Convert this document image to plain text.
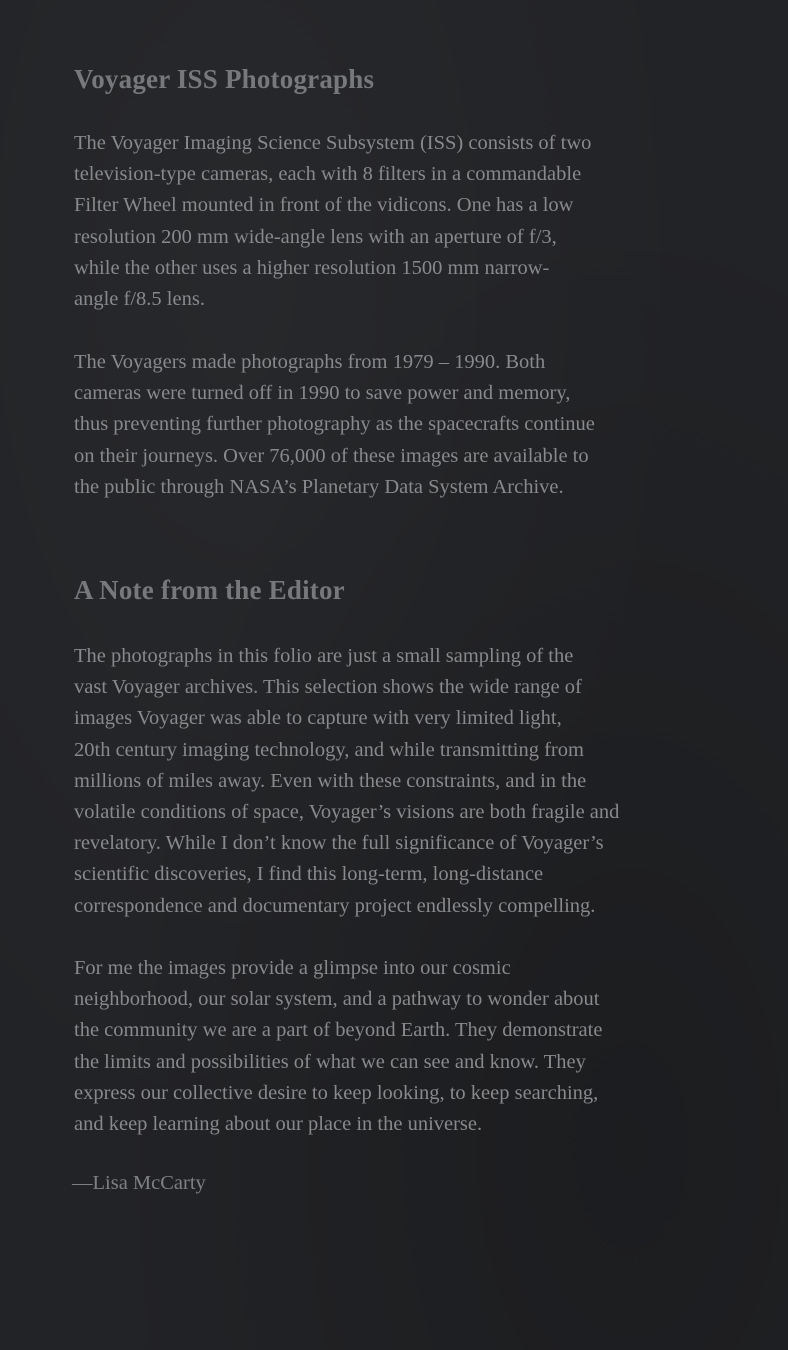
Voyager ISS Photographs

The Voyager Imaging Science Subsystem (ISS) consists of two
television-type cameras, each with 8 filters in a commandable
Filter Wheel mounted in front of the vidicons. One has a low
resolution 200 mm wide-angle lens with an aperture of f/3,
while the other uses a higher resolution 1500 mm narrow-
angle f/8.5 lens.

The Voyagers made photographs from 1979 – 1990. Both
cameras were turned off in 1990 to save power and memory,
thus preventing further photography as the spacecrafts continue
on their journeys. Over 76,000 of these images are available to
the public through NASA’s Planetary Data System Archive.

A Note from the Editor

The photographs in this folio are just a small sampling of the
vast Voyager archives. This selection shows the wide range of
images Voyager was able to capture with very limited light,
20th century imaging technology, and while transmitting from
millions of miles away. Even with these constraints, and in the
volatile conditions of space, Voyager’s visions are both fragile and
revelatory. While I don’t know the full significance of Voyager’s
scientific discoveries, I find this long-term, long-distance
correspondence and documentary project endlessly compelling.

For me the images provide a glimpse into our cosmic
neighborhood, our solar system, and a pathway to wonder about
the community we are a part of beyond Earth. They demonstrate
the limits and possibilities of what we can see and know. They
express our collective desire to keep looking, to keep searching,
and keep learning about our place in the universe.

—Lisa McCarty
